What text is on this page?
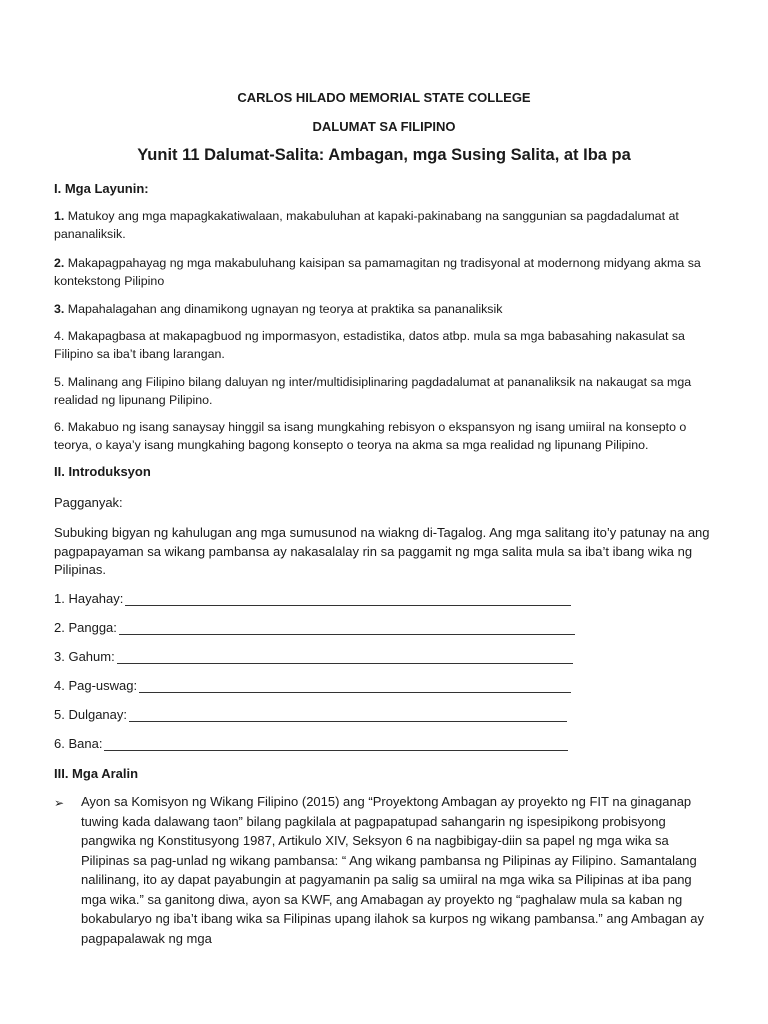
CARLOS HILADO MEMORIAL STATE COLLEGE
DALUMAT SA FILIPINO
Yunit 11 Dalumat-Salita: Ambagan, mga Susing Salita, at Iba pa
I. Mga Layunin:
1. Matukoy ang mga mapagkakatiwalaan, makabuluhan at kapaki-pakinabang na sanggunian sa pagdadalumat at pananaliksik.
2. Makapagpahayag ng mga makabuluhang kaisipan sa pamamagitan ng tradisyonal at modernong midyang akma sa kontekstong Pilipino
3. Mapahalagahan ang dinamikong ugnayan ng teorya at praktika sa pananaliksik
4. Makapagbasa at makapagbuod ng impormasyon, estadistika, datos atbp. mula sa mga babasahing nakasulat sa Filipino sa iba’t ibang larangan.
5. Malinang ang Filipino bilang daluyan ng inter/multidisiplinaring pagdadalumat at pananaliksik na nakaugat sa mga realidad ng lipunang Pilipino.
6. Makabuo ng isang sanaysay hinggil sa isang mungkahing rebisyon o ekspansyon ng isang umiiral na konsepto o teorya, o kaya’y isang mungkahing bagong konsepto o teorya na akma sa mga realidad ng lipunang Pilipino.
II. Introduksyon
Pagganyak:
Subuking bigyan ng kahulugan ang mga sumusunod na wiakng di-Tagalog. Ang mga salitang ito’y patunay na ang pagpapayaman sa wikang pambansa ay nakasalalay rin sa paggamit ng mga salita mula sa iba’t ibang wika ng Pilipinas.
1. Hayahay:
2. Pangga:
3. Gahum:
4. Pag-uswag:
5. Dulganay:
6. Bana:
III. Mga Aralin
➢ Ayon sa Komisyon ng Wikang Filipino (2015) ang “Proyektong Ambagan ay proyekto ng FIT na ginaganap tuwing kada dalawang taon” bilang pagkilala at pagpapatupad sahangarin ng ispesipikong probisyong pangwika ng Konstitusyong 1987, Artikulo XIV, Seksyon 6 na nagbibigay-diin sa papel ng mga wika sa Pilipinas sa pag-unlad ng wikang pambansa: “ Ang wikang pambansa ng Pilipinas ay Filipino. Samantalang nalilinang, ito ay dapat payabungin at pagyamanin pa salig sa umiiral na mga wika sa Pilipinas at iba pang mga wika.” sa ganitong diwa, ayon sa KWF, ang Amabagan ay proyekto ng “paghalaw mula sa kaban ng bokabularyo ng iba’t ibang wika sa Filipinas upang ilahok sa kurpos ng wikang pambansa.” ang Ambagan ay pagpapalawak ng mga
